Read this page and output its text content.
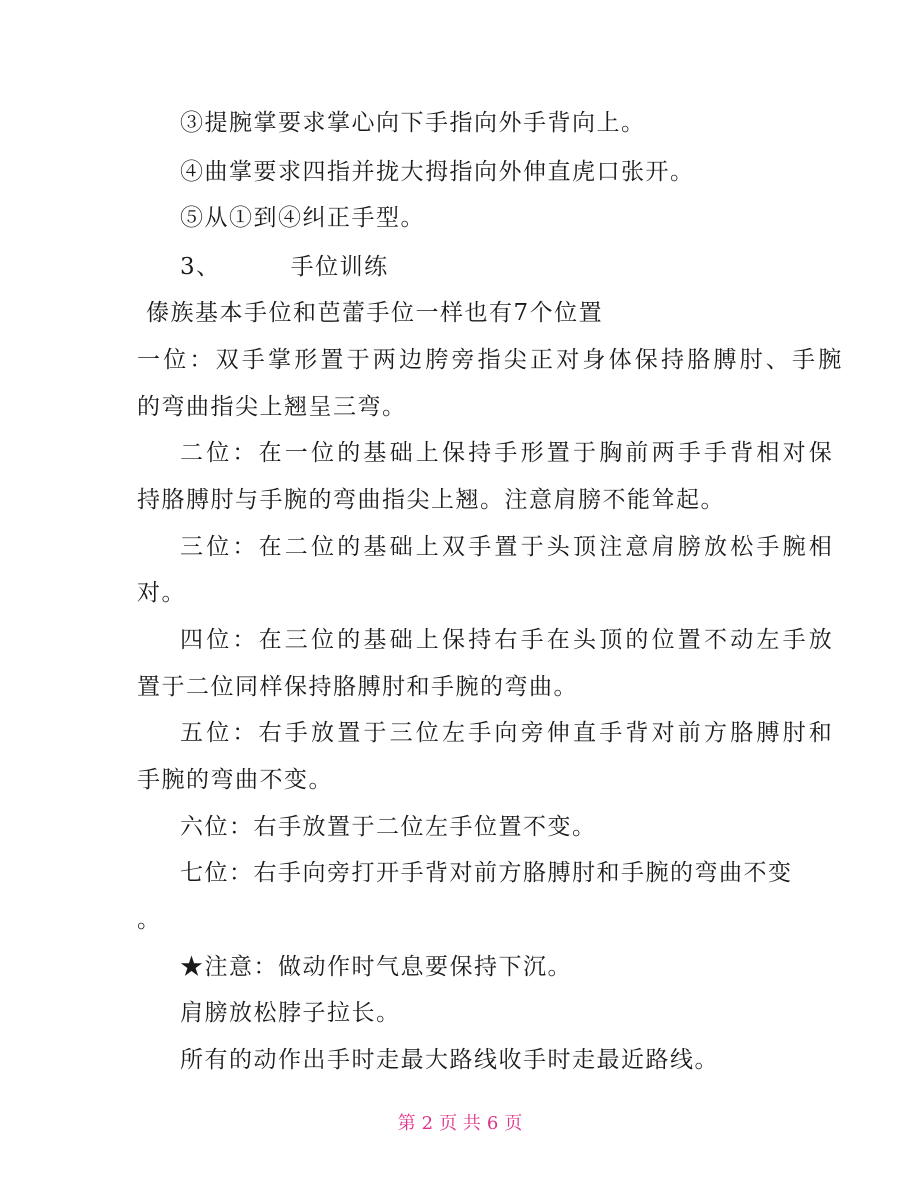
③提腕掌要求掌心向下手指向外手背向上。
④曲掌要求四指并拢大拇指向外伸直虎口张开。
⑤从①到④纠正手型。
3、	手位训练
傣族基本手位和芭蕾手位一样也有7个位置
一位：双手掌形置于两边胯旁指尖正对身体保持胳膊肘、手腕
的弯曲指尖上翘呈三弯。
二位：在一位的基础上保持手形置于胸前两手手背相对保
持胳膊肘与手腕的弯曲指尖上翘。注意肩膀不能耸起。
三位：在二位的基础上双手置于头顶注意肩膀放松手腕相
对。
四位：在三位的基础上保持右手在头顶的位置不动左手放
置于二位同样保持胳膊肘和手腕的弯曲。
五位：右手放置于三位左手向旁伸直手背对前方胳膊肘和
手腕的弯曲不变。
六位：右手放置于二位左手位置不变。
七位：右手向旁打开手背对前方胳膊肘和手腕的弯曲不变
。
★注意：做动作时气息要保持下沉。
肩膀放松脖子拉长。
所有的动作出手时走最大路线收手时走最近路线。
第 2 页 共 6 页
